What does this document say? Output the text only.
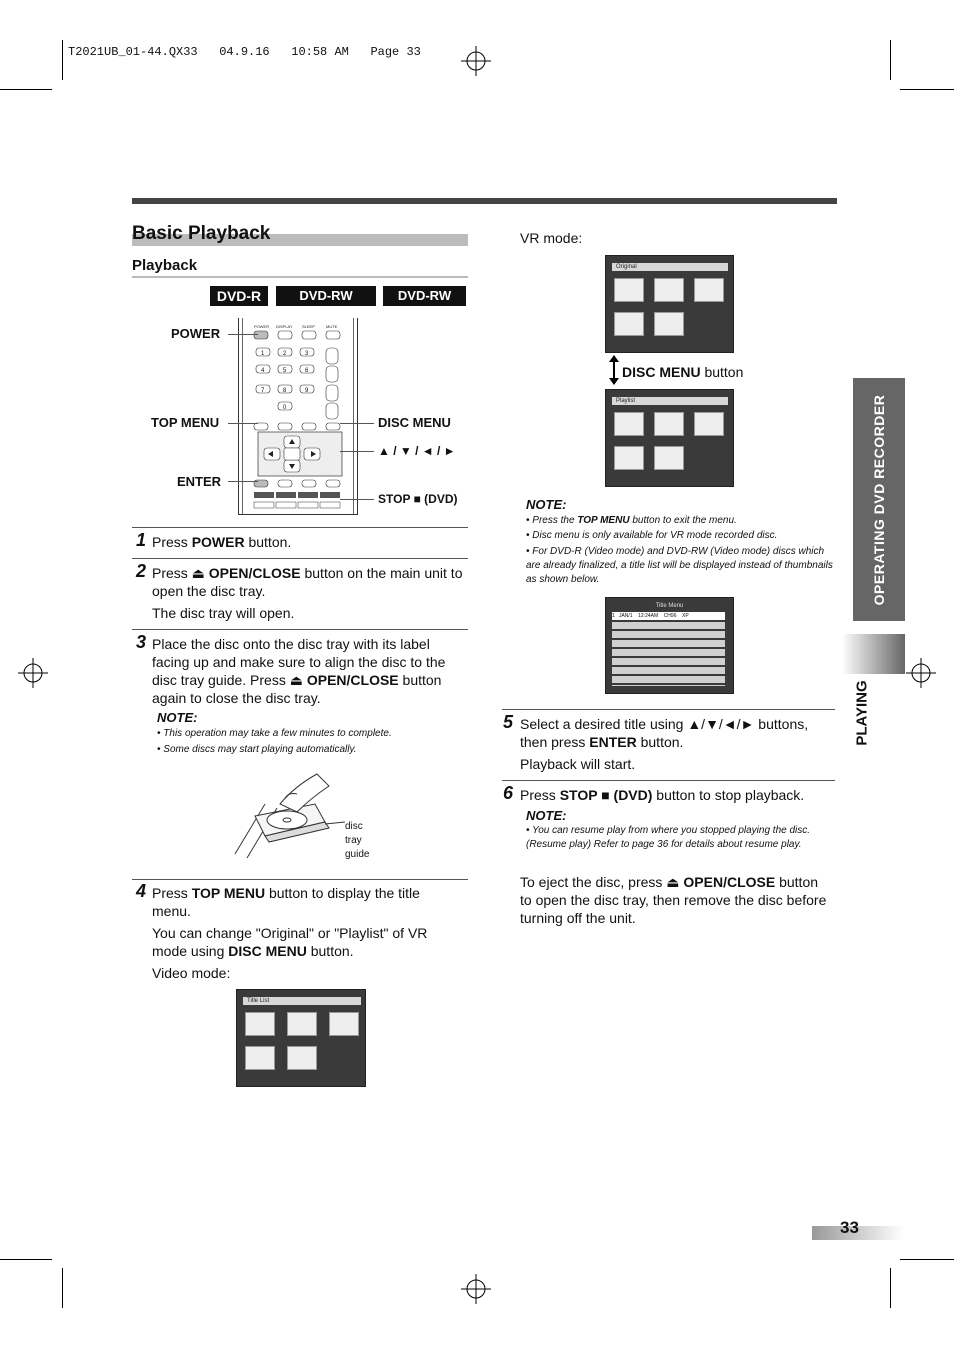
T2021UB_01-44.QX33   04.9.16   10:58 AM   Page 33
Basic Playback
Playback
DVD-R	DVD-RW (Video)
DVD-RW (VR)
POWER DISPLAY SLEEP	MUTE
1	2	3
4	5	6
7	8	9
0
POWER
TOP MENU
ENTER
DISC MENU
▲ / ▼ / ◄ / ►
STOP ■ (DVD)
1 Press POWER button.
2 Press ⏏ OPEN/CLOSE button on the main unit to open the disc tray.
The disc tray will open.
3 Place the disc onto the disc tray with its label facing up and make sure to align the disc to the disc tray guide. Press ⏏ OPEN/CLOSE button again to close the disc tray.
NOTE:
• This operation may take a few minutes to complete.
• Some discs may start playing automatically.
disc tray guide
4 Press TOP MENU button to display the title menu.
You can change "Original" or "Playlist" of VR mode using DISC MENU button.
Video mode:
Title List
VR mode:
Original
DISC MENU button
Playlist
NOTE:
• Press the TOP MENU button to exit the menu.
• Disc menu is only available for VR mode recorded disc.
• For DVD-R (Video mode) and DVD-RW (Video mode) discs which are already finalized, a title list will be displayed instead of thumbnails as shown below.
Title Menu
1   JAN/1    12:24AM    CH96    XP
5 Select a desired title using ▲/▼/◄/► buttons, then press ENTER button.
Playback will start.
6 Press STOP ■ (DVD) button to stop playback.
NOTE:
• You can resume play from where you stopped playing the disc. (Resume play) Refer to page 36 for details about resume play.
To eject the disc, press ⏏ OPEN/CLOSE button to open the disc tray, then remove the disc before turning off the unit.
OPERATING DVD RECORDER
PLAYING
33
